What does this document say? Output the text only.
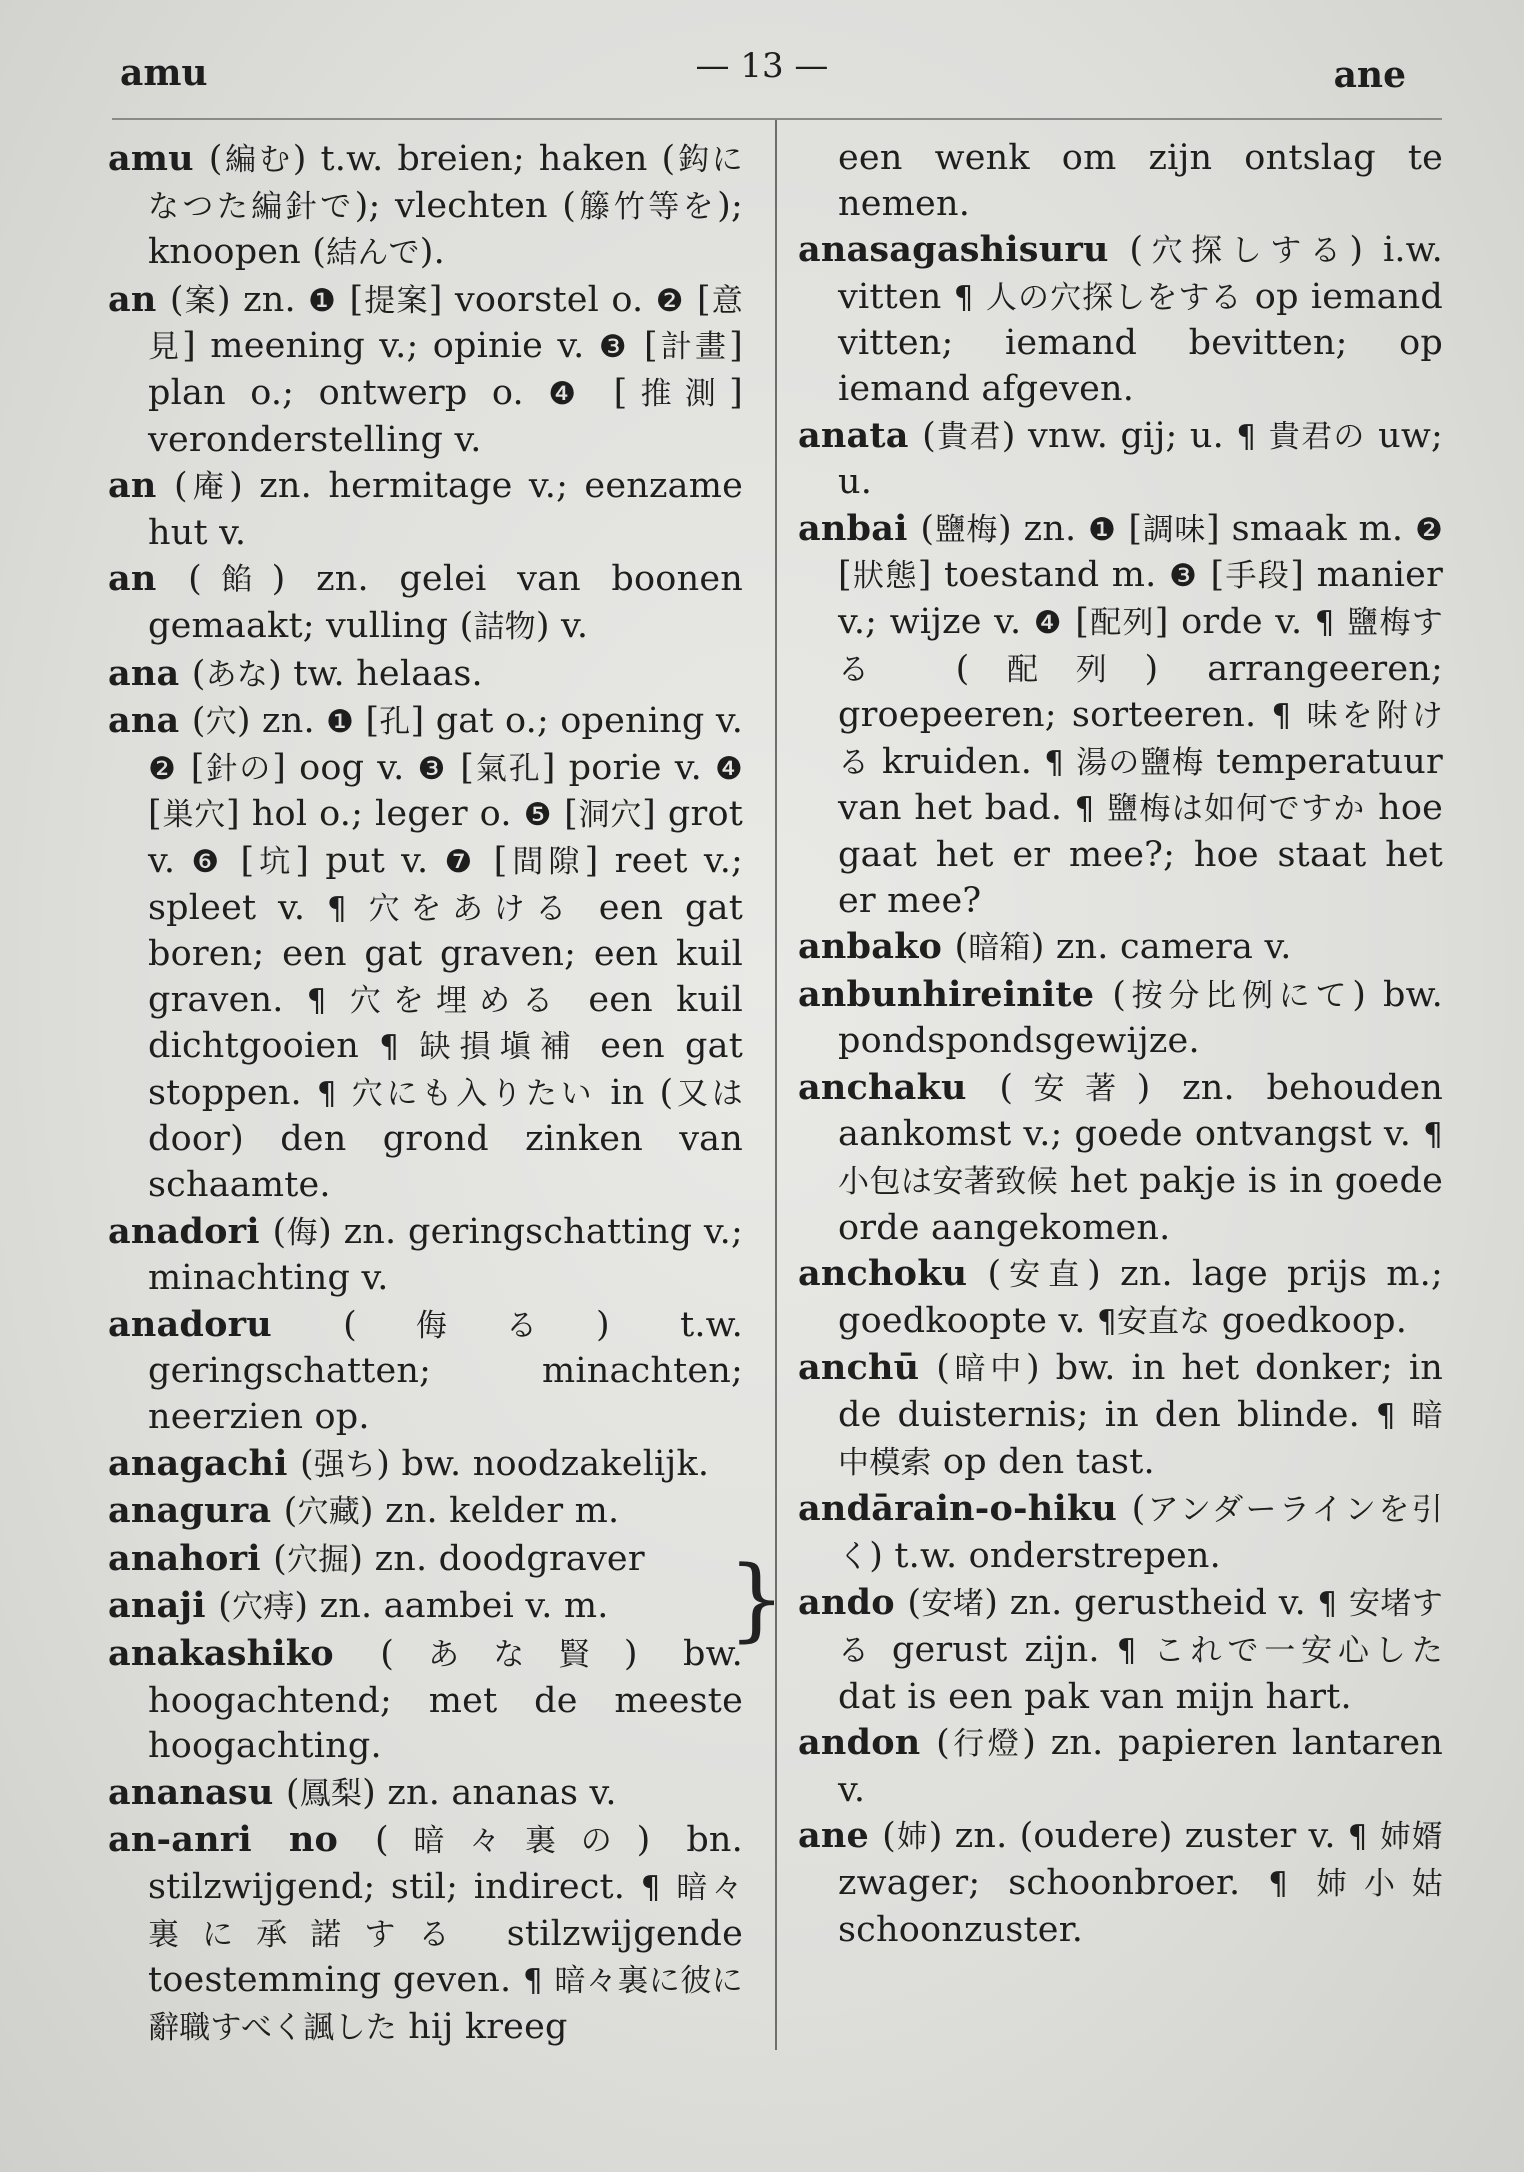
amu	— 13 —	ane
amu (編む) t.w. breien; haken (鈎になつた編針で); vlechten (籐竹等を); knoopen (結んで).
an (案) zn. ❶ [提案] voorstel o. ❷ [意見] meening v.; opinie v. ❸ [計畫] plan o.; ontwerp o. ❹ [推測] veronderstelling v.
an (庵) zn. hermitage v.; eenzame hut v.
an (餡) zn. gelei van boonen gemaakt; vulling (詰物) v.
ana (あな) tw. helaas.
ana (穴) zn. ❶ [孔] gat o.; opening v. ❷ [針の] oog v. ❸ [氣孔] porie v. ❹ [巣穴] hol o.; leger o. ❺ [洞穴] grot v. ❻ [坑] put v. ❼ [間隙] reet v.; spleet v. ¶ 穴をあける een gat boren; een gat graven; een kuil graven. ¶ 穴を埋める een kuil dichtgooien ¶ 缺損塡補 een gat stoppen. ¶ 穴にも入りたい in (又は door) den grond zinken van schaamte.
anadori (侮) zn. geringschatting v.; minachting v.
anadoru (侮る) t.w. geringschatten; minachten; neerzien op.
anagachi (强ち) bw. noodzakelijk.
anagura (穴藏) zn. kelder m.
anahori (穴掘) zn. doodgraver
anaji (穴痔) zn. aambei v. m.
anakashiko (あな賢) bw. hoogachtend; met de meeste hoogachting.
ananasu (鳳梨) zn. ananas v.
an-anri no (暗々裏の) bn. stilzwijgend; stil; indirect. ¶ 暗々裏に承諾する stilzwijgende toestemming geven. ¶ 暗々裏に彼に辭職すべく諷した hij kreeg
een wenk om zijn ontslag te nemen.
anasagashisuru (穴探しする) i.w. vitten ¶ 人の穴探しをする op iemand vitten; iemand bevitten; op iemand afgeven.
anata (貴君) vnw. gij; u. ¶ 貴君の uw; u.
anbai (鹽梅) zn. ❶ [調味] smaak m. ❷ [狀態] toestand m. ❸ [手段] manier v.; wijze v. ❹ [配列] orde v. ¶ 鹽梅する (配列) arrangeeren; groepeeren; sorteeren. ¶ 味を附ける kruiden. ¶ 湯の鹽梅 temperatuur van het bad. ¶ 鹽梅は如何ですか hoe gaat het er mee?; hoe staat het er mee?
anbako (暗箱) zn. camera v.
anbunhireinite (按分比例にて) bw. pondspondsgewijze.
anchaku (安著) zn. behouden aankomst v.; goede ontvangst v. ¶ 小包は安著致候 het pakje is in goede orde aangekomen.
anchoku (安直) zn. lage prijs m.; goedkoopte v. ¶安直な goedkoop.
anchū (暗中) bw. in het donker; in de duisternis; in den blinde. ¶ 暗中模索 op den tast.
andārain-o-hiku (アンダーラインを引く) t.w. onderstrepen.
ando (安堵) zn. gerustheid v. ¶ 安堵する gerust zijn. ¶ これで一安心した dat is een pak van mijn hart.
andon (行燈) zn. papieren lantaren v.
ane (姉) zn. (oudere) zuster v. ¶ 姉婿 zwager; schoonbroer. ¶ 姉小姑 schoonzuster.
}
